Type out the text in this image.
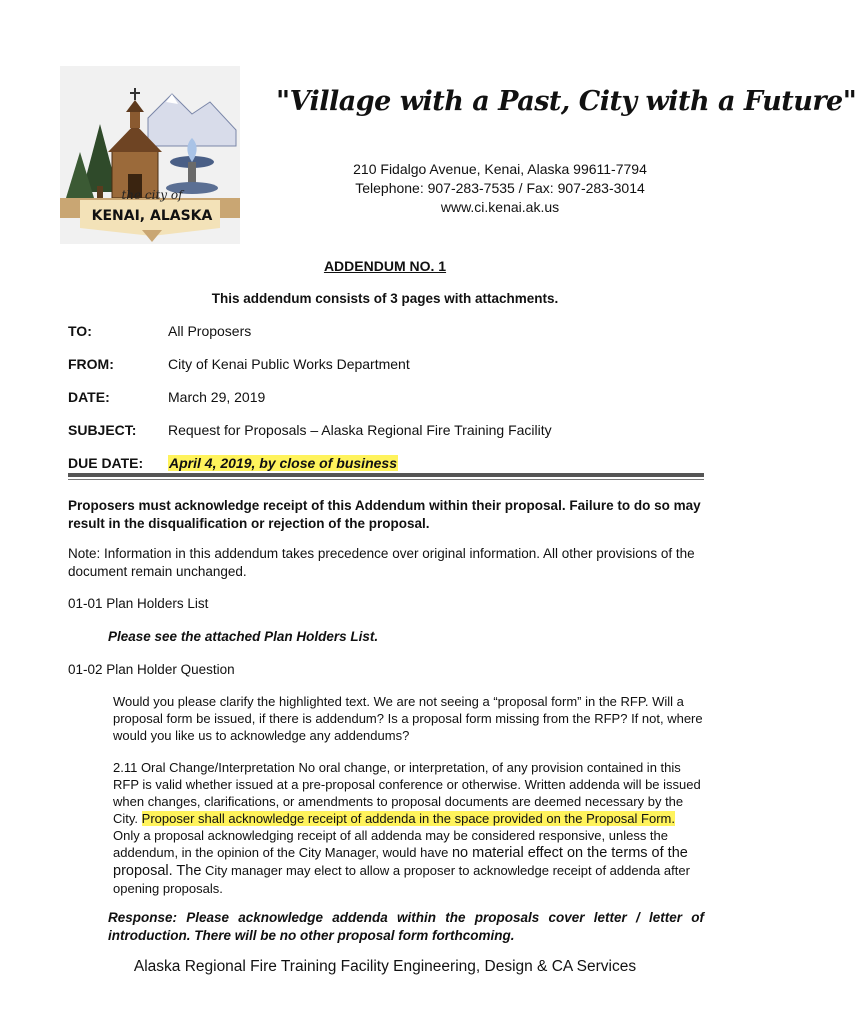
the city of
KENAI, ALASKA
"Village with a Past, City with a Future"
210 Fidalgo Avenue, Kenai, Alaska 99611-7794
Telephone: 907-283-7535 / Fax: 907-283-3014
www.ci.kenai.ak.us
ADDENDUM NO. 1
This addendum consists of 3 pages with attachments.
TO:	All Proposers
FROM:	City of Kenai Public Works Department
DATE:	March 29, 2019
SUBJECT: Request for Proposals – Alaska Regional Fire Training Facility
DUE DATE: April 4, 2019, by close of business
Proposers must acknowledge receipt of this Addendum within their proposal. Failure to do so may result in the disqualification or rejection of the proposal.
Note: Information in this addendum takes precedence over original information. All other provisions of the document remain unchanged.
01-01 Plan Holders List
Please see the attached Plan Holders List.
01-02 Plan Holder Question
Would you please clarify the highlighted text. We are not seeing a “proposal form” in the RFP. Will a proposal form be issued, if there is addendum? Is a proposal form missing from the RFP? If not, where would you like us to acknowledge any addendums?
2.11 Oral Change/Interpretation No oral change, or interpretation, of any provision contained in this RFP is valid whether issued at a pre-proposal conference or otherwise. Written addenda will be issued when changes, clarifications, or amendments to proposal documents are deemed necessary by the City. Proposer shall acknowledge receipt of addenda in the space provided on the Proposal Form. Only a proposal acknowledging receipt of all addenda may be considered responsive, unless the addendum, in the opinion of the City Manager, would have no material effect on the terms of the proposal. The City manager may elect to allow a proposer to acknowledge receipt of addenda after opening proposals.
Response: Please acknowledge addenda within the proposals cover letter / letter of introduction. There will be no other proposal form forthcoming.
Alaska Regional Fire Training Facility Engineering, Design & CA Services
